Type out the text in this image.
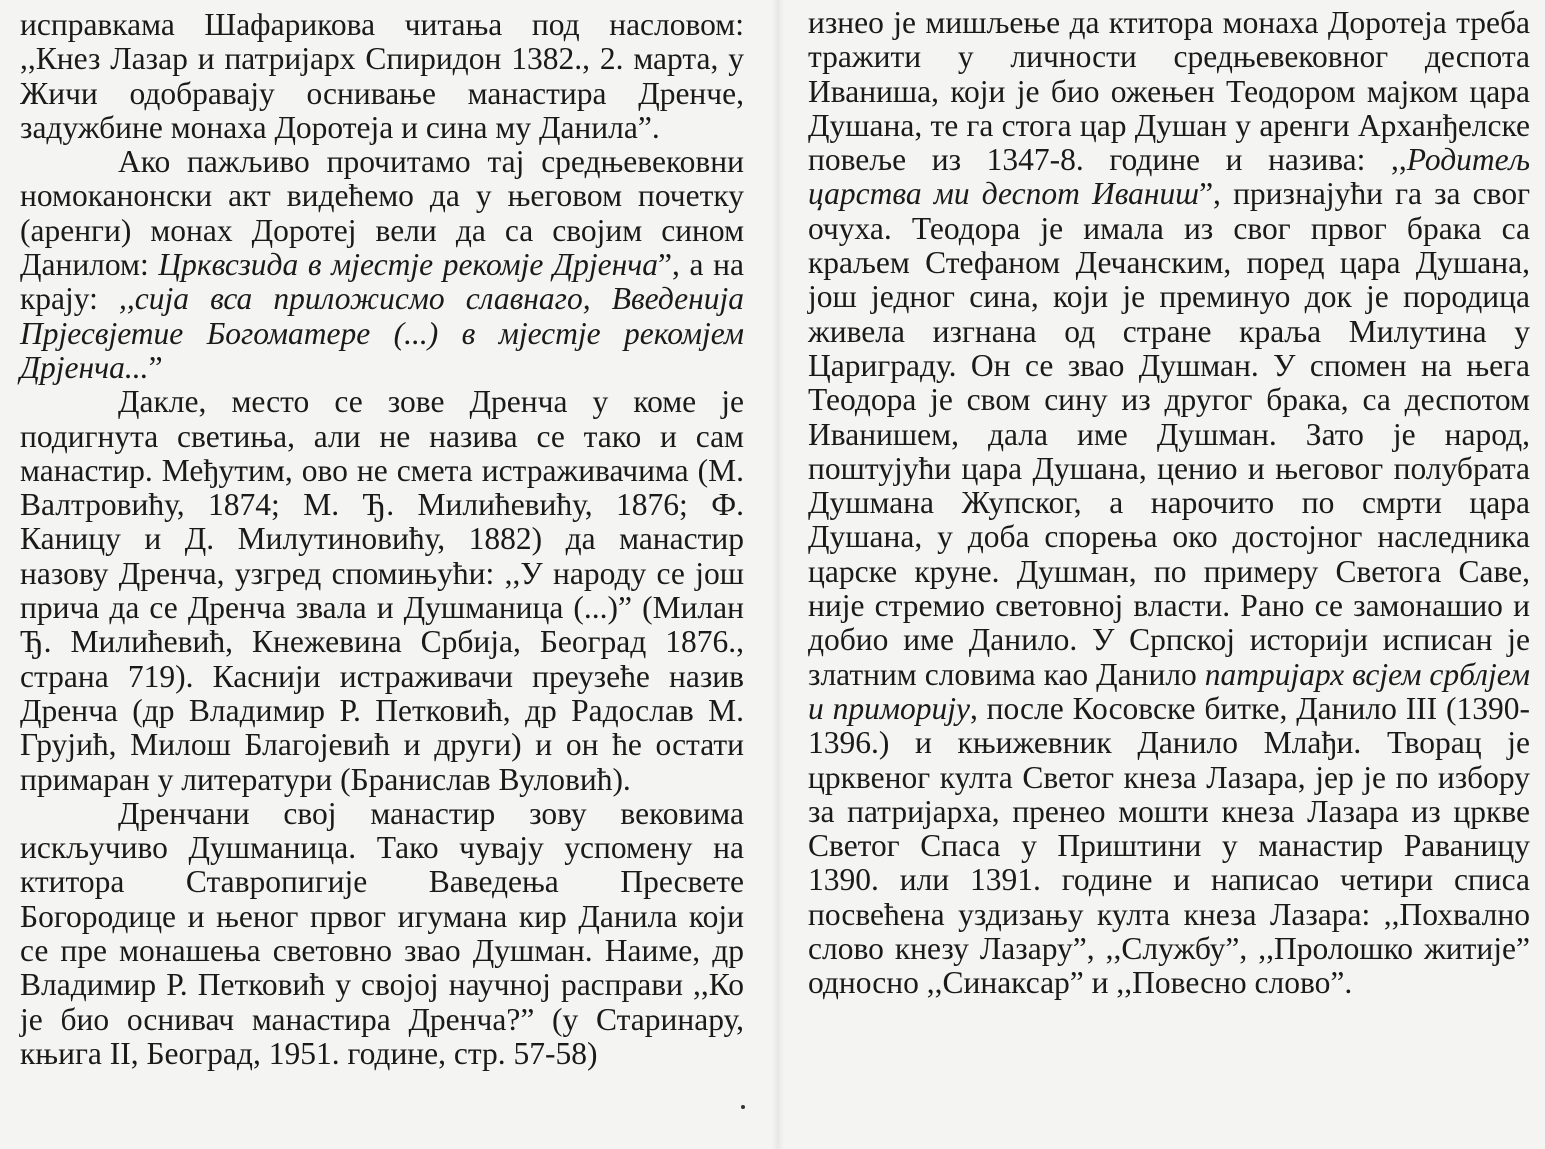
исправкама Шафарикова читања под насловом: ,,Кнез Лазар и патријарх Спиридон 1382., 2. марта, у Жичи одобравају оснивање манастира Дренче, задужбине монаха Доротеја и сина му Данила”.

Ако пажљиво прочитамо тај средњевековни номоканонски акт видећемо да у његовом почетку (аренги) монах Доротеј вели да са својим сином Данилом: Црквсзида в мјестје рекомје Дрјенча”, а на крају: ,,сија вса приложисмо славнаго, Введенија Прјесвјетие Богоматере (...) в мјестје рекомјем Дрјенча...”

Дакле, место се зове Дренча у коме је подигнута светиња, али не назива се тако и сам манастир. Међутим, ово не смета истраживачима (М. Валтровићу, 1874; М. Ђ. Милићевићу, 1876; Ф. Каницу и Д. Милутиновићу, 1882) да манастир назову Дренча, узгред спомињући: ,,У народу се још прича да се Дренча звала и Душманица (...)” (Милан Ђ. Милићевић, Кнежевина Србија, Београд 1876., страна 719). Каснији истраживачи преузеће назив Дренча (др Владимир Р. Петковић, др Радослав М. Грујић, Милош Благојевић и други) и он ће остати примаран у литератури (Бранислав Вуловић).

Дренчани свој манастир зову вековима искључиво Душманица. Тако чувају успомену на ктитора Ставропигије Ваведења Пресвете Богородице и њеног првог игумана кир Данила који се пре монашења световно звао Душман. Наиме, др Владимир Р. Петковић у својој научној расправи ,,Ко је био оснивач манастира Дренча?” (у Старинару, књига II, Београд, 1951. године, стр. 57-58)

изнео је мишљење да ктитора монаха Доротеја треба тражити у личности средњевековног деспота Иваниша, који је био ожењен Теодором мајком цара Душана, те га стога цар Душан у аренги Арханђелске повеље из 1347-8. године и назива: ,,Родитељ царства ми деспот Иваниш”, признајући га за свог очуха. Теодора је имала из свог првог брака са краљем Стефаном Дечанским, поред цара Душана, још једног сина, који је преминуо док је породица живела изгнана од стране краља Милутина у Цариграду. Он се звао Душман. У спомен на њега Теодора је свом сину из другог брака, са деспотом Иванишем, дала име Душман. Зато је народ, поштујући цара Душана, ценио и његовог полубрата Душмана Жупског, а нарочито по смрти цара Душана, у доба спорења око достојног наследника царске круне. Душман, по примеру Светога Саве, није стремио световној власти. Рано се замонашио и добио име Данило. У Српској историји исписан је златним словима као Данило патријарх всјем срблјем и приморију, после Косовске битке, Данило III (1390-1396.) и књижевник Данило Млађи. Творац је црквеног култа Светог кнеза Лазара, јер је по избору за патријарха, пренео мошти кнеза Лазара из цркве Светог Спаса у Приштини у манастир Раваницу 1390. или 1391. године и написао четири списа посвећена уздизању култа кнеза Лазара: ,,Похвално слово кнезу Лазару”, ,,Службу”, ,,Пролошко житије” односно ,,Синаксар” и ,,Повесно слово”.
